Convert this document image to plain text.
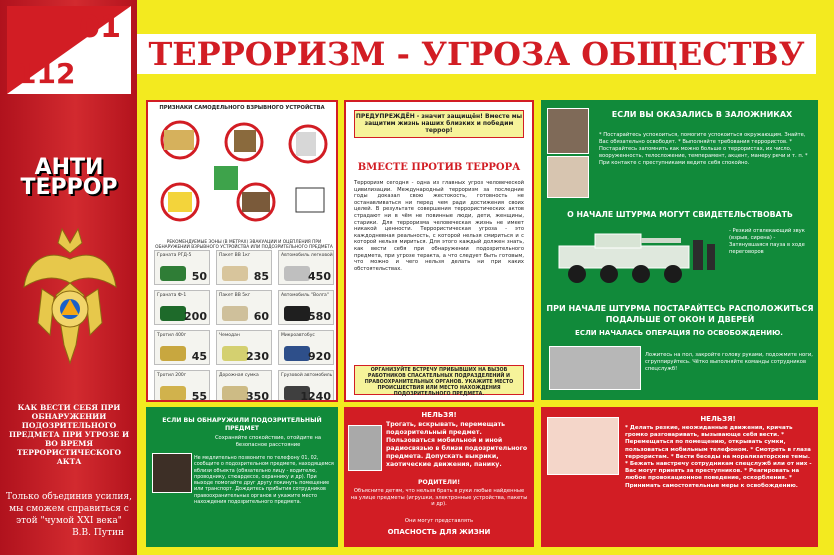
01
112
АНТИ
ТЕРРОР
КАК ВЕСТИ СЕБЯ ПРИ ОБНАРУЖЕНИИ ПОДОЗРИТЕЛЬНОГО ПРЕДМЕТА ПРИ УГРОЗЕ И ВО ВРЕМЯ ТЕРРОРИСТИЧЕСКОГО АКТА
Только объединив усилия, мы сможем справиться с этой "чумой XXI века"
В.В. Путин
ТЕРРОРИЗМ - УГРОЗА ОБЩЕСТВУ
ПРИЗНАКИ САМОДЕЛЬНОГО ВЗРЫВНОГО УСТРОЙСТВА
РЕКОМЕНДУЕМЫЕ ЗОНЫ (В МЕТРАХ) ЭВАКУАЦИИ И ОЦЕПЛЕНИЯ ПРИ ОБНАРУЖЕНИИ ВЗРЫВНОГО УСТРОЙСТВА ИЛИ ПОДОЗРИТЕЛЬНОГО ПРЕДМЕТА
Граната РГД-5
50
Пакет ВВ 1кг
85
Автомобиль легковой
450
Граната Ф-1
200
Пакет ВВ 5кг
60
Автомобиль "Волга"
580
Тротил 400г
45
Чемодан
230
Микроавтобус
920
Тротил 200г
55
Дорожная сумка
350
Грузовой автомобиль
1240
ПРЕДУПРЕЖДЁН - значит защищён! Вместе мы защитим жизнь наших близких и победим террор!
ВМЕСТЕ ПРОТИВ ТЕРРОРА
Терроризм сегодня - одна из главных угроз человеческой цивилизации. Международный терроризм за последние годы доказал свою жестокость, готовность не останавливаться ни перед чем ради достижения своих целей. В результате совершения террористических актов страдают ни в чём не повинные люди, дети, женщины, старики. Для терроризма человеческая жизнь не имеет никакой ценности. Террористическая угроза - это каждодневная реальность, с которой нельзя смириться и с которой нельзя мириться. Для этого каждый должен знать, как вести себя при обнаружении подозрительного предмета, при угрозе теракта, а что следует быть готовым, что можно и чего нельзя делать ни при каких обстоятельствах.
ОРГАНИЗУЙТЕ ВСТРЕЧУ ПРИБЫВШИХ НА ВЫЗОВ РАБОТНИКОВ СПАСАТЕЛЬНЫХ ПОДРАЗДЕЛЕНИЙ И ПРАВООХРАНИТЕЛЬНЫХ ОРГАНОВ. УКАЖИТЕ МЕСТО ПРОИСШЕСТВИЯ ИЛИ МЕСТО НАХОЖДЕНИЯ ПОДОЗРИТЕЛЬНОГО ПРЕДМЕТА.
ЕСЛИ ВЫ ОКАЗАЛИСЬ В ЗАЛОЖНИКАХ
* Постарайтесь успокоиться, помогите успокоиться окружающим. Знайте, Вас обязательно освободят. * Выполняйте требования террористов. * Постарайтесь запомнить как можно больше о террористах, их число, вооруженность, телосложение, темперамент, акцент, манеру речи и т. п. * При контакте с преступниками ведите себя спокойно.
О НАЧАЛЕ ШТУРМА МОГУТ СВИДЕТЕЛЬСТВОВАТЬ
- Резкий отвлекающий звук (взрыв, сирена) - Затянувшаяся пауза в ходе переговоров
ПРИ НАЧАЛЕ ШТУРМА ПОСТАРАЙТЕСЬ РАСПОЛОЖИТЬСЯ ПОДАЛЬШЕ ОТ ОКОН И ДВЕРЕЙ
ЕСЛИ НАЧАЛАСЬ ОПЕРАЦИЯ ПО ОСВОБОЖДЕНИЮ.
Ложитесь на пол, закройте голову руками, подожмите ноги, сгруппируйтесь. Чётко выполняйте команды сотрудников спецслужб!
ЕСЛИ ВЫ ОБНАРУЖИЛИ ПОДОЗРИТЕЛЬНЫЙ ПРЕДМЕТ
Сохраняйте спокойствие, отойдите на безопасное расстояние
Не медлительно позвоните по телефону 01, 02, сообщите о подозрительном предмете, находящемся вблизи объекта (обязательно лицу - водителю, проводнику, стюардессе, охраннику и др). При выходе помогайте друг другу покинуть помещение или транспорт. Дождитесь прибытия сотрудников правоохранительных органов и укажите место нахождения подозрительного предмета.
НЕЛЬЗЯ!
Трогать, вскрывать, перемещать подозрительный предмет. Пользоваться мобильной и иной радиосвязью в близи подозрительного предмета. Допускать выкрики, хаотические движения, панику.
РОДИТЕЛИ!
Объясните детям, что нельзя брать в руки любые найденные на улице предметы (игрушки, электронные устройства, пакеты и др).
Они могут представлять
ОПАСНОСТЬ ДЛЯ ЖИЗНИ
НЕЛЬЗЯ!
* Делать резкие, неожиданные движения, кричать громко разговаривать, вызывающе себя вести. * Перемещаться по помещению, открывать сумки, пользоваться мобильным телефоном. * Смотреть в глаза террористам. * Вести беседы на морализаторские темы. * Бежать навстречу сотрудникам спецслужб или от них - Вас могут принять за преступников. * Реагировать на любое провокационное поведение, оскорбления. * Принимать самостоятельные меры к освобождению.
